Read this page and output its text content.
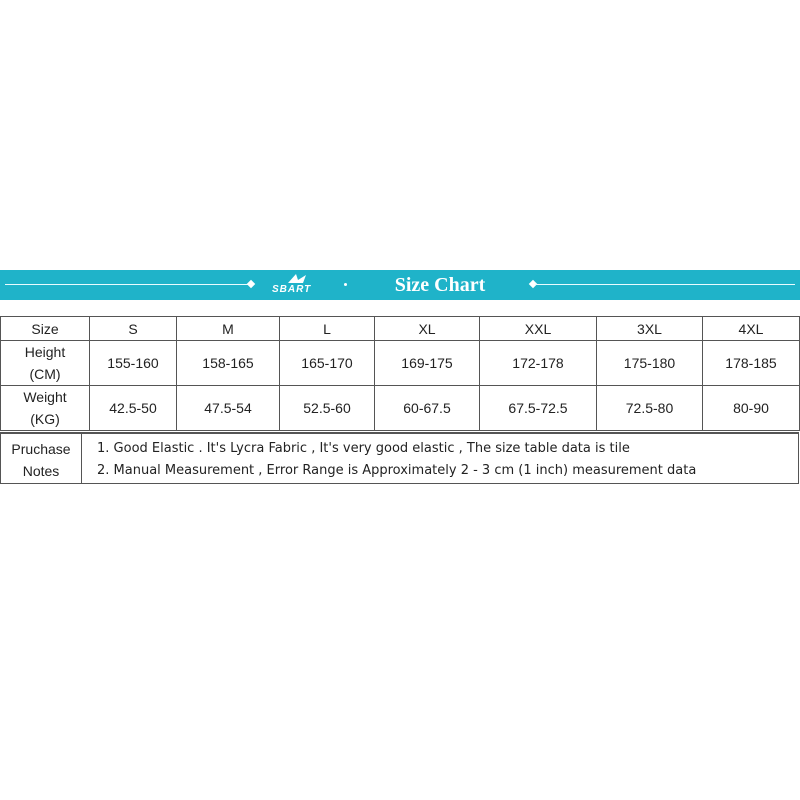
SBART	Size Chart
Size	S	M	L	XL	XXL	3XL	4XL
Height
(CM)	155-160	158-165	165-170	169-175	172-178	175-180	178-185
Weight
(KG)	42.5-50	47.5-54	52.5-60	60-67.5	67.5-72.5	72.5-80	80-90
Pruchase
Notes
1. Good Elastic . It's Lycra Fabric , It's very good elastic , The size table data is tile
2. Manual Measurement , Error Range is Approximately 2 - 3 cm (1 inch) measurement data
